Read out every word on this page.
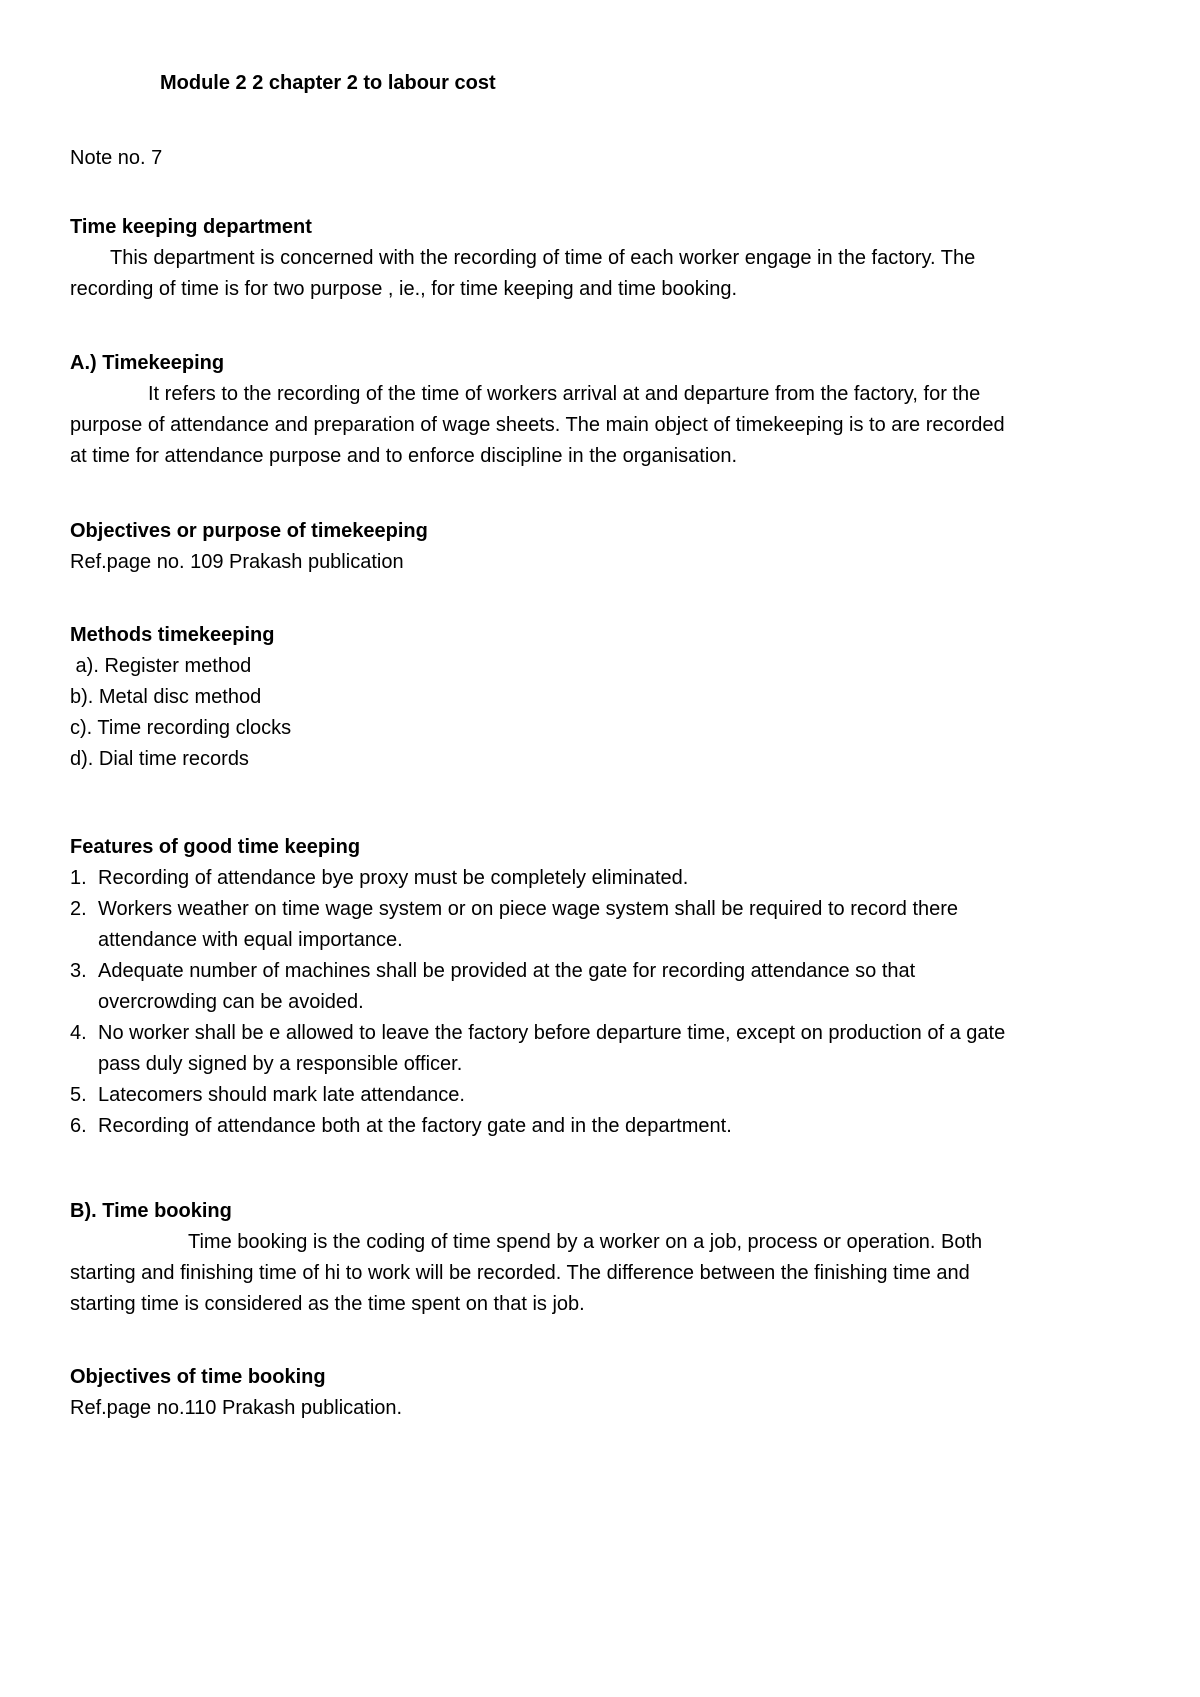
Module 2 2 chapter 2 to labour cost
Note no. 7
Time keeping department
This department is concerned with the recording of time of each worker engage in the factory. The
recording of time is for two purpose , ie., for time keeping and time booking.
A.) Timekeeping
It refers to the recording of the time of workers arrival at and departure from the factory, for the
purpose of attendance and preparation of wage sheets. The main object of timekeeping is to are recorded
at time for attendance purpose and to enforce discipline in the organisation.
Objectives or purpose of timekeeping
Ref.page no. 109 Prakash publication
Methods timekeeping
a). Register method
b). Metal disc method
c). Time recording clocks
d). Dial time records
Features of good time keeping
1. Recording of attendance bye proxy must be completely eliminated.
2. Workers weather on time wage system or on piece wage system shall be required to record there
attendance with equal importance.
3. Adequate number of machines shall be provided at the gate for recording attendance so that
overcrowding can be avoided.
4. No worker shall be e allowed to leave the factory before departure time, except on production of a gate
pass duly signed by a responsible officer.
5. Latecomers should mark late attendance.
6. Recording of attendance both at the factory gate and in the department.
B). Time booking
Time booking is the coding of time spend by a worker on a job, process or operation. Both
starting and finishing time of hi to work will be recorded. The difference between the finishing time and
starting time is considered as the time spent on that is job.
Objectives of time booking
Ref.page no.110 Prakash publication.
